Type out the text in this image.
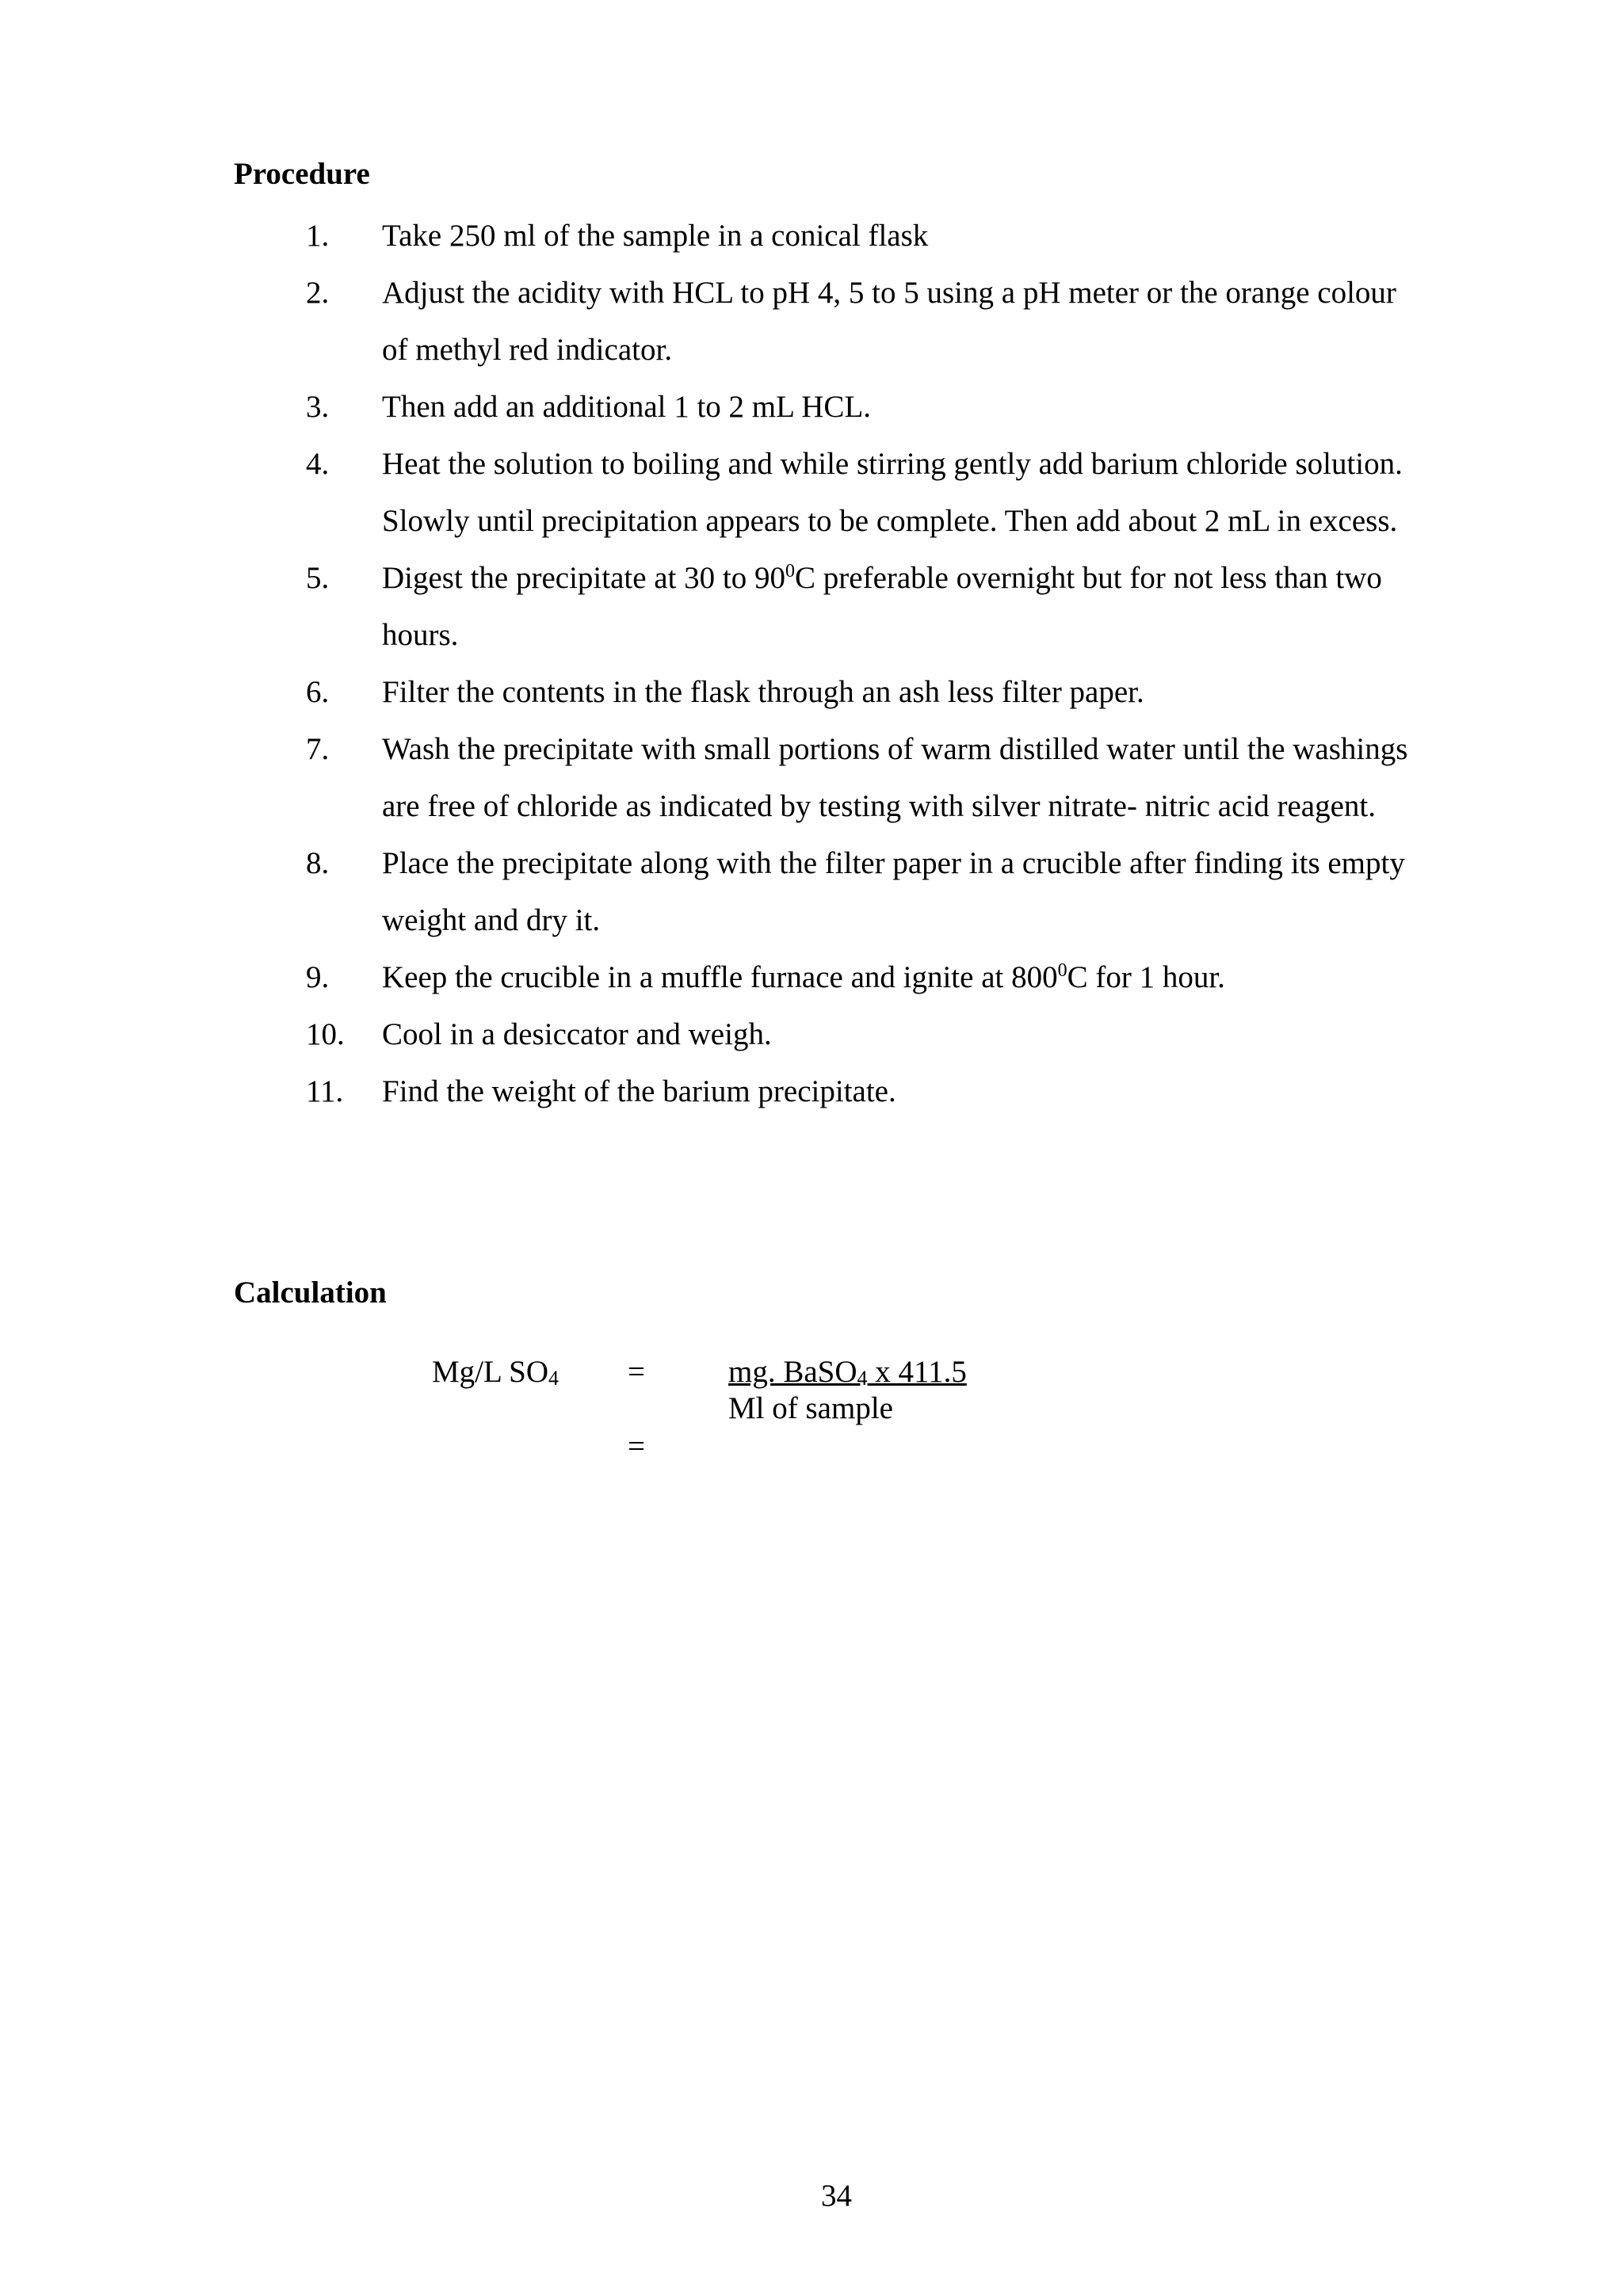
Procedure
1. Take 250 ml of the sample in a conical flask
2. Adjust the acidity with HCL to pH 4, 5 to 5 using a pH meter or the orange colour of methyl red indicator.
3. Then add an additional 1 to 2 mL HCL.
4. Heat the solution to boiling and while stirring gently add barium chloride solution. Slowly until precipitation appears to be complete. Then add about 2 mL in excess.
5. Digest the precipitate at 30 to $90^0C$ preferable overnight but for not less than two hours.
6. Filter the contents in the flask through an ash less filter paper.
7. Wash the precipitate with small portions of warm distilled water until the washings are free of chloride as indicated by testing with silver nitrate- nitric acid reagent.
8. Place the precipitate along with the filter paper in a crucible after finding its empty weight and dry it.
9. Keep the crucible in a muffle furnace and ignite at $800^0C$ for 1 hour.
10. Cool in a desiccator and weigh.
11. Find the weight of the barium precipitate.
Calculation
Mg/L $SO_4$ =	mg. BaSO$_4$ x 411.5
Ml of sample
=
34
